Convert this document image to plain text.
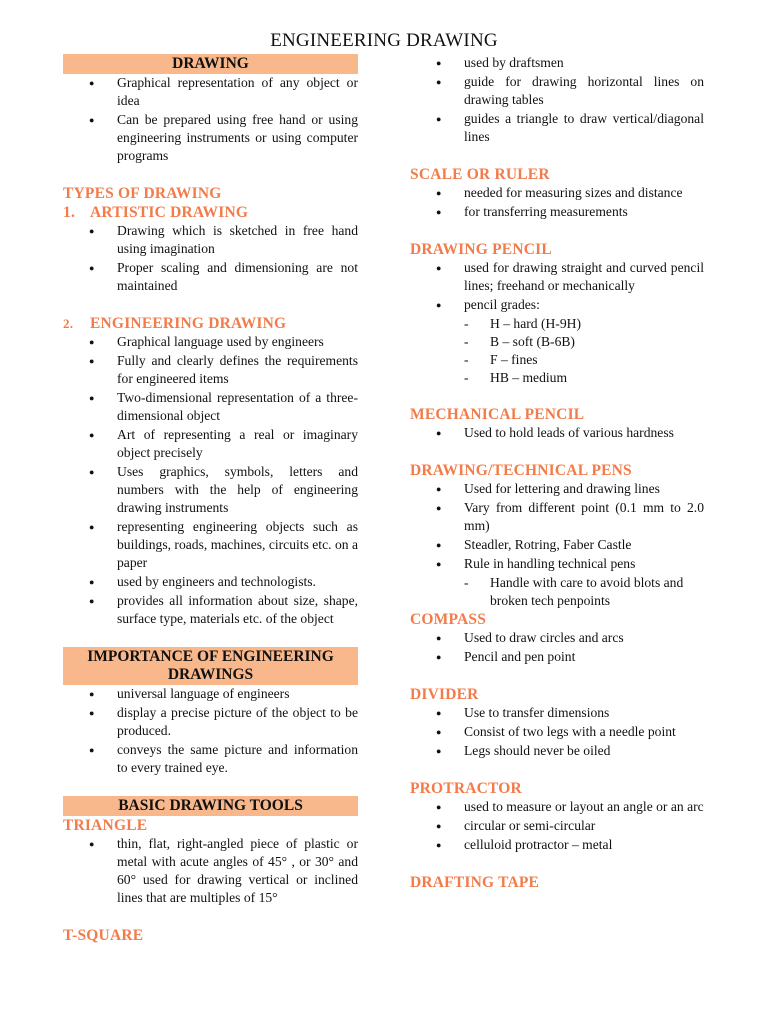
ENGINEERING DRAWING
DRAWING
● Graphical representation of any object or idea
● Can be prepared using free hand or using engineering instruments or using computer programs
TYPES OF DRAWING
1. ARTISTIC DRAWING
● Drawing which is sketched in free hand using imagination
● Proper scaling and dimensioning are not maintained
2. ENGINEERING DRAWING
● Graphical language used by engineers
● Fully and clearly defines the requirements for engineered items
● Two-dimensional representation of a three-dimensional object
● Art of representing a real or imaginary object precisely
● Uses graphics, symbols, letters and numbers with the help of engineering drawing instruments
● representing engineering objects such as buildings, roads, machines, circuits etc. on a paper
● used by engineers and technologists.
● provides all information about size, shape, surface type, materials etc. of the object
IMPORTANCE OF ENGINEERING DRAWINGS
● universal language of engineers
● display a precise picture of the object to be produced.
● conveys the same picture and information to every trained eye.
BASIC DRAWING TOOLS
TRIANGLE
● thin, flat, right-angled piece of plastic or metal with acute angles of 45° , or 30° and 60° used for drawing vertical or inclined lines that are multiples of 15°
T-SQUARE
● used by draftsmen
● guide for drawing horizontal lines on drawing tables
● guides a triangle to draw vertical/diagonal lines
SCALE OR RULER
● needed for measuring sizes and distance
● for transferring measurements
DRAWING PENCIL
● used for drawing straight and curved pencil lines; freehand or mechanically
● pencil grades:
- H – hard (H-9H)
- B – soft (B-6B)
- F – fines
- HB – medium
MECHANICAL PENCIL
● Used to hold leads of various hardness
DRAWING/TECHNICAL PENS
● Used for lettering and drawing lines
● Vary from different point (0.1 mm to 2.0 mm)
● Steadler, Rotring, Faber Castle
● Rule in handling technical pens
- Handle with care to avoid blots and broken tech penpoints
COMPASS
● Used to draw circles and arcs
● Pencil and pen point
DIVIDER
● Use to transfer dimensions
● Consist of two legs with a needle point
● Legs should never be oiled
PROTRACTOR
● used to measure or layout an angle or an arc
● circular or semi-circular
● celluloid protractor – metal
DRAFTING TAPE
